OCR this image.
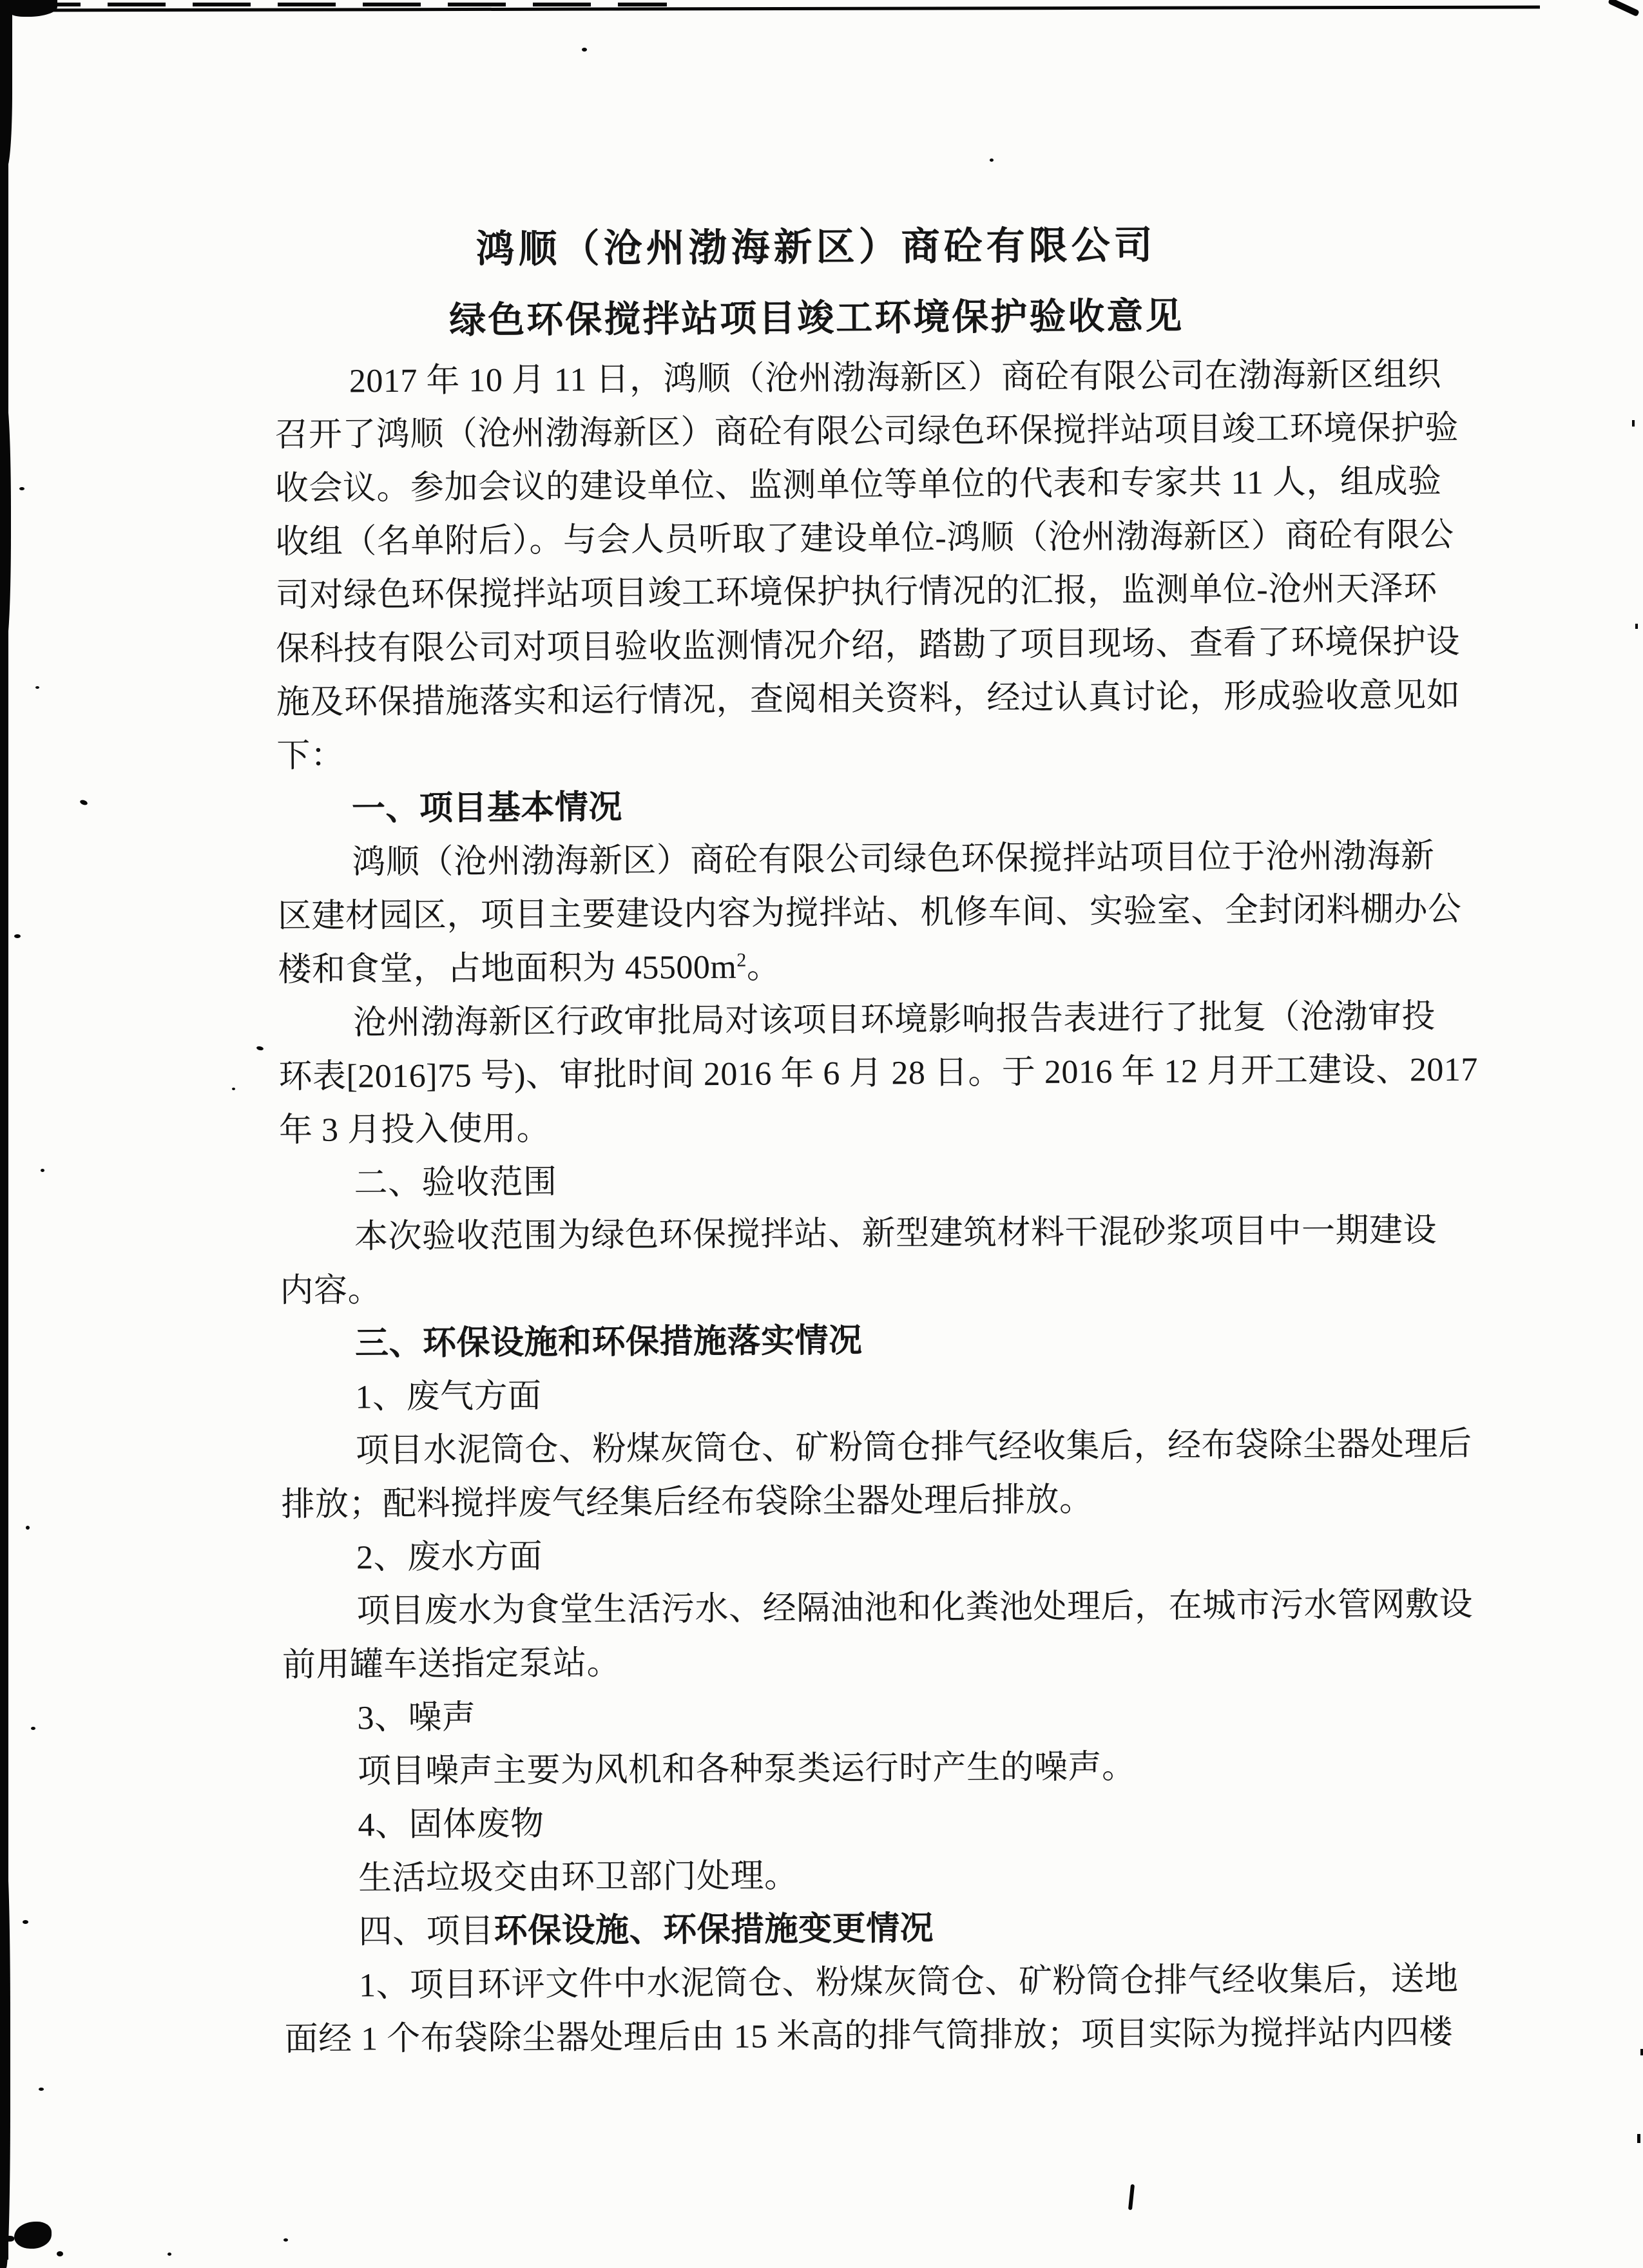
鸿顺（沧州渤海新区）商砼有限公司
绿色环保搅拌站项目竣工环境保护验收意见
2017 年 10 月 11 日，鸿顺（沧州渤海新区）商砼有限公司在渤海新区组织
召开了鸿顺（沧州渤海新区）商砼有限公司绿色环保搅拌站项目竣工环境保护验
收会议。参加会议的建设单位、监测单位等单位的代表和专家共 11 人，组成验
收组（名单附后）。与会人员听取了建设单位-鸿顺（沧州渤海新区）商砼有限公
司对绿色环保搅拌站项目竣工环境保护执行情况的汇报，监测单位-沧州天泽环
保科技有限公司对项目验收监测情况介绍，踏勘了项目现场、查看了环境保护设
施及环保措施落实和运行情况，查阅相关资料，经过认真讨论，形成验收意见如
下：
一、项目基本情况
鸿顺（沧州渤海新区）商砼有限公司绿色环保搅拌站项目位于沧州渤海新
区建材园区，项目主要建设内容为搅拌站、机修车间、实验室、全封闭料棚办公
楼和食堂，占地面积为 $45500m^2$。
沧州渤海新区行政审批局对该项目环境影响报告表进行了批复（沧渤审投
环表[2016]75 号)、审批时间 2016 年 6 月 28 日。于 2016 年 12 月开工建设、2017
年 3 月投入使用。
二、验收范围
本次验收范围为绿色环保搅拌站、新型建筑材料干混砂浆项目中一期建设
内容。
三、环保设施和环保措施落实情况
1、废气方面
项目水泥筒仓、粉煤灰筒仓、矿粉筒仓排气经收集后，经布袋除尘器处理后
排放；配料搅拌废气经集后经布袋除尘器处理后排放。
2、废水方面
项目废水为食堂生活污水、经隔油池和化粪池处理后，在城市污水管网敷设
前用罐车送指定泵站。
3、噪声
项目噪声主要为风机和各种泵类运行时产生的噪声。
4、固体废物
生活垃圾交由环卫部门处理。
四、项目环保设施、环保措施变更情况
1、项目环评文件中水泥筒仓、粉煤灰筒仓、矿粉筒仓排气经收集后，送地
面经 1 个布袋除尘器处理后由 15 米高的排气筒排放；项目实际为搅拌站内四楼
